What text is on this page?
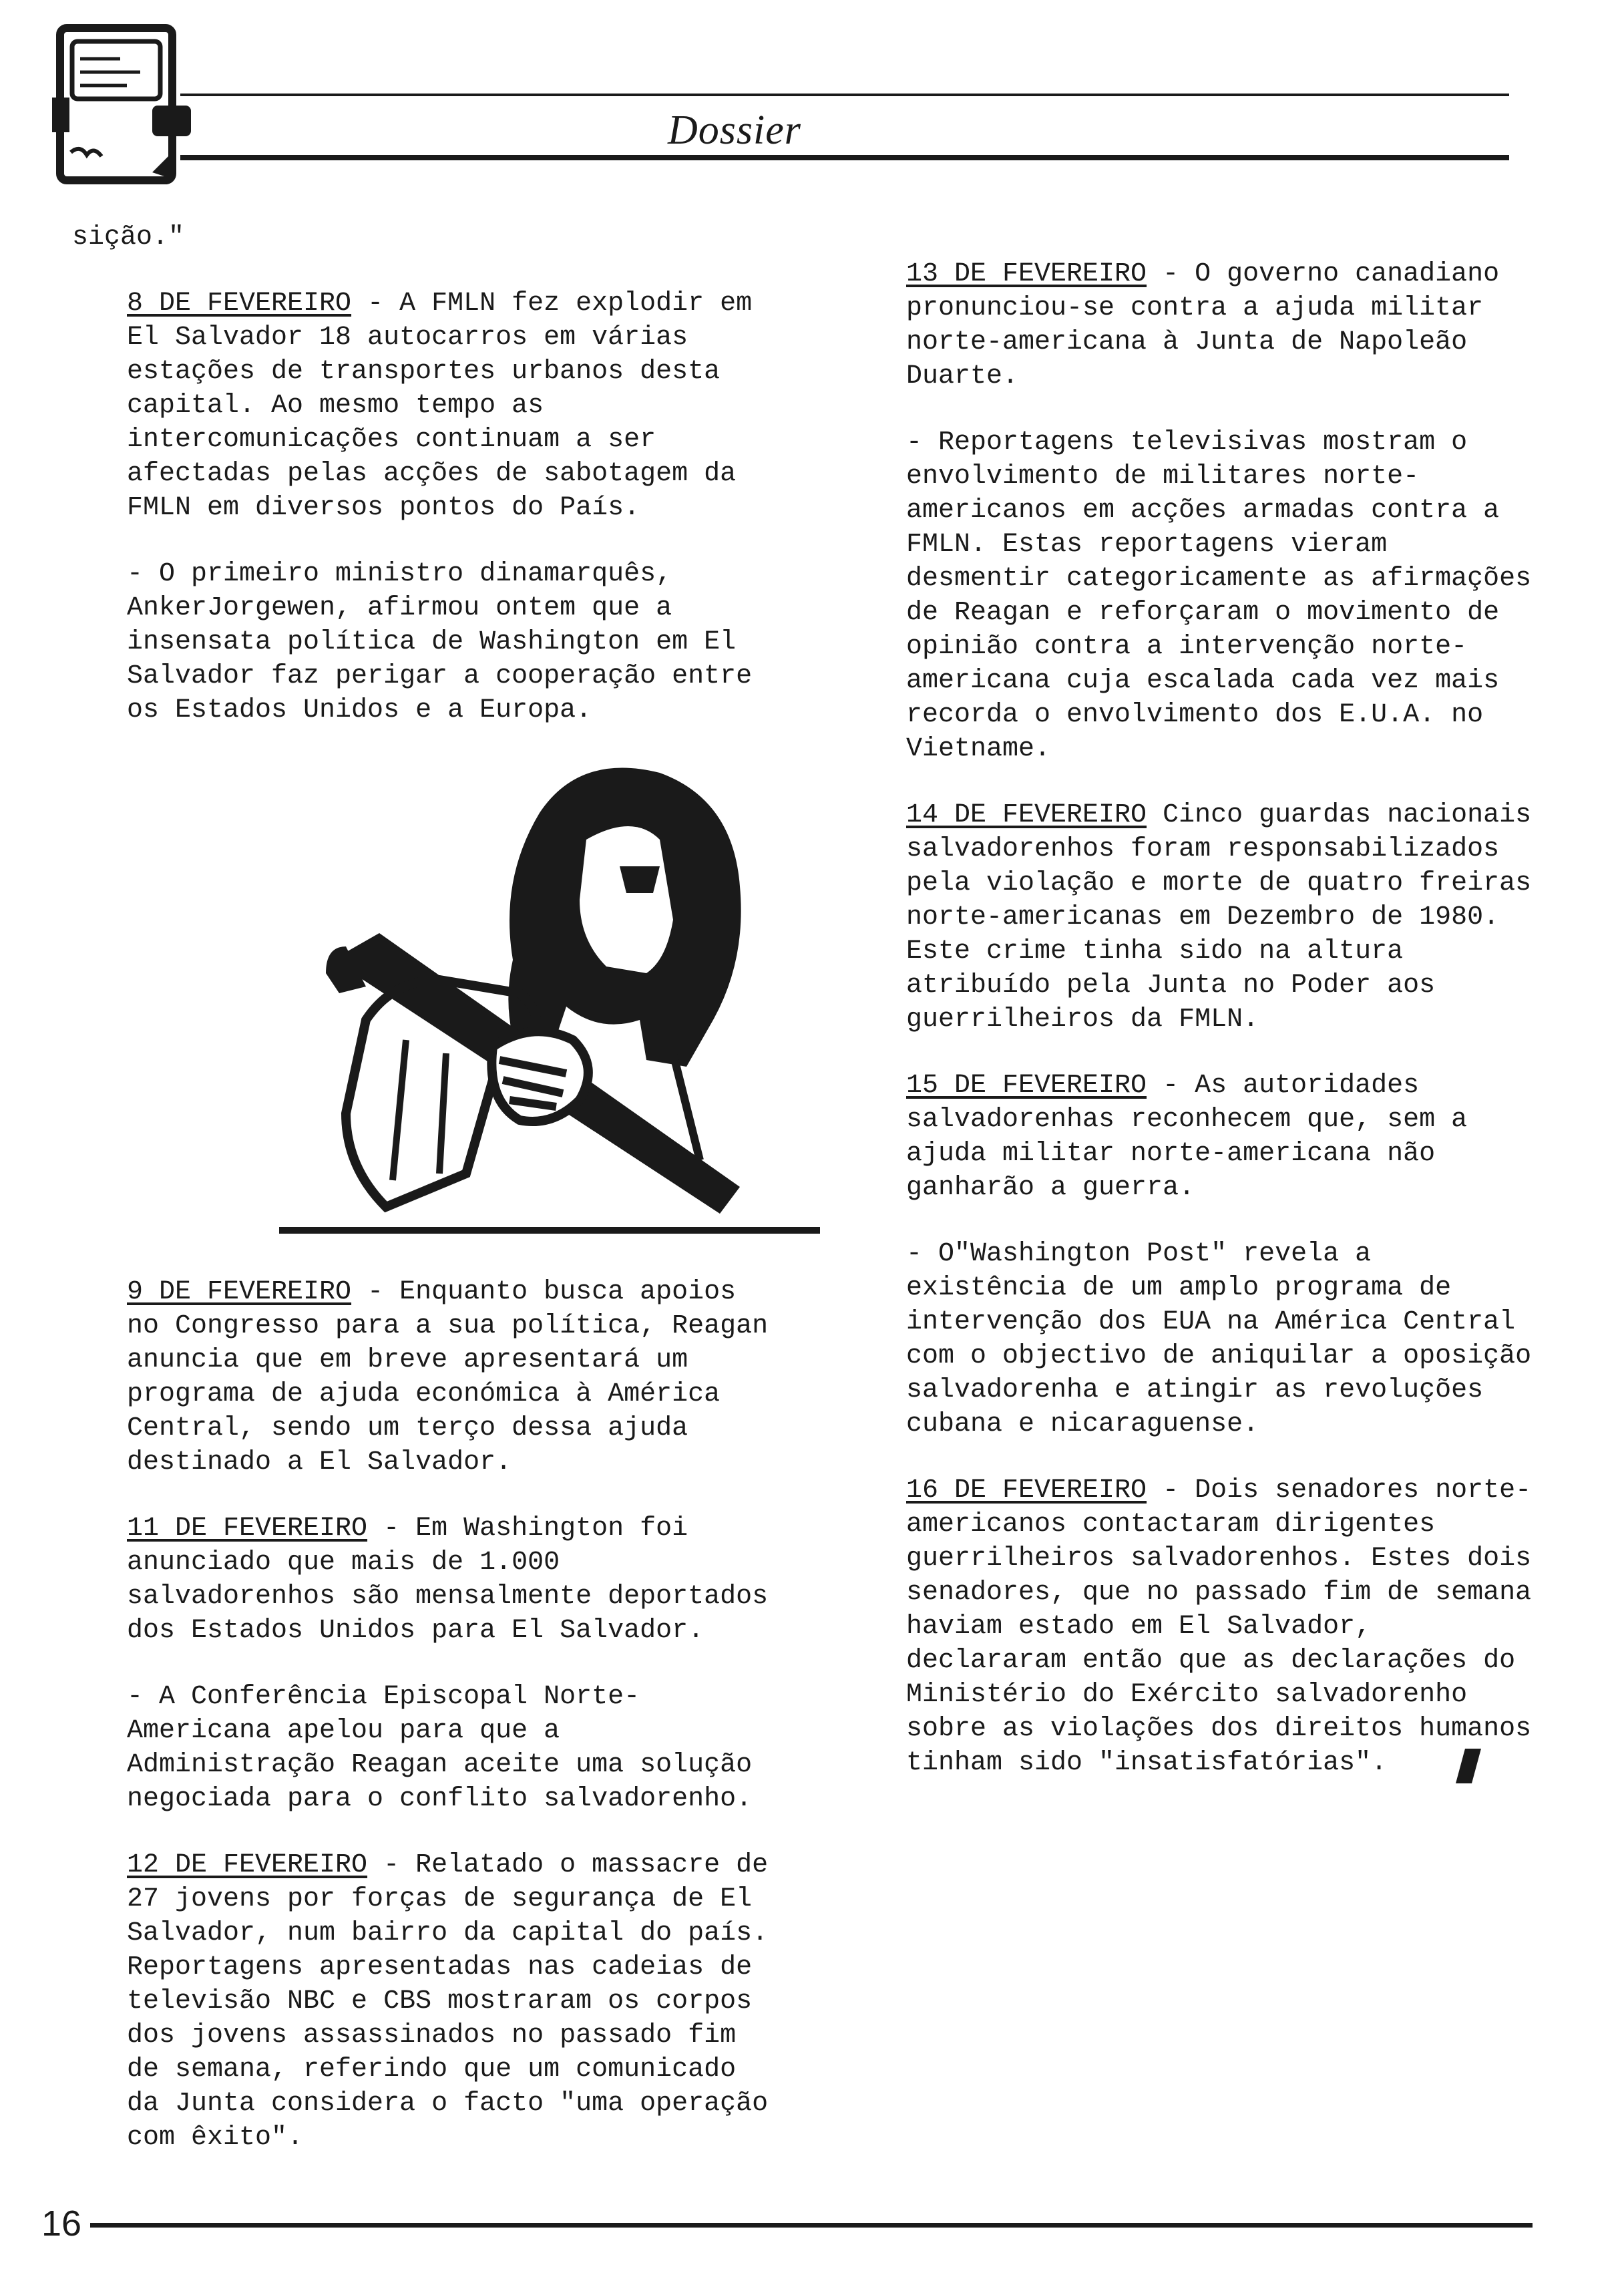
Dossier

sição."

8 DE FEVEREIRO - A FMLN fez explodir em El Salvador 18 autocarros em várias estações de transportes urbanos desta capital. Ao mesmo tempo as intercomunicações continuam a ser afectadas pelas acções de sabotagem da FMLN em diversos pontos do País.

- O primeiro ministro dinamarquês, AnkerJorgewen, afirmou ontem que a insensata política de Washington em El Salvador faz perigar a cooperação entre os Estados Unidos e a Europa.

9 DE FEVEREIRO - Enquanto busca apoios no Congresso para a sua política, Reagan anuncia que em breve apresentará um programa de ajuda económica à América Central, sendo um terço dessa ajuda destinado a El Salvador.

11 DE FEVEREIRO - Em Washington foi anunciado que mais de 1.000 salvadorenhos são mensalmente deportados dos Estados Unidos para El Salvador.

- A Conferência Episcopal Norte-Americana apelou para que a Administração Reagan aceite uma solução negociada para o conflito salvadorenho.

12 DE FEVEREIRO - Relatado o massacre de 27 jovens por forças de segurança de El Salvador, num bairro da capital do país. Reportagens apresentadas nas cadeias de televisão NBC e CBS mostraram os corpos dos jovens assassinados no passado fim de semana, referindo que um comunicado da Junta considera o facto "uma operação com êxito".

13 DE FEVEREIRO - O governo canadiano pronunciou-se contra a ajuda militar norte-americana à Junta de Napoleão Duarte.

- Reportagens televisivas mostram o envolvimento de militares norte-americanos em acções armadas contra a FMLN. Estas reportagens vieram desmentir categoricamente as afirmações de Reagan e reforçaram o movimento de opinião contra a intervenção norte-americana cuja escalada cada vez mais recorda o envolvimento dos E.U.A. no Vietname.

14 DE FEVEREIRO Cinco guardas nacionais salvadorenhos foram responsabilizados pela violação e morte de quatro freiras norte-americanas em Dezembro de 1980. Este crime tinha sido na altura atribuído pela Junta no Poder aos guerrilheiros da FMLN.

15 DE FEVEREIRO - As autoridades salvadorenhas reconhecem que, sem a ajuda militar norte-americana não ganharão a guerra.

- O"Washington Post" revela a existência de um amplo programa de intervenção dos EUA na América Central com o objectivo de aniquilar a oposição salvadorenha e atingir as revoluções cubana e nicaraguense.

16 DE FEVEREIRO - Dois senadores norte-americanos contactaram dirigentes guerrilheiros salvadorenhos. Estes dois senadores, que no passado fim de semana haviam estado em El Salvador, declararam então que as declarações do Ministério do Exército salvadorenho sobre as violações dos direitos humanos tinham sido "insatisfatórias".

16
